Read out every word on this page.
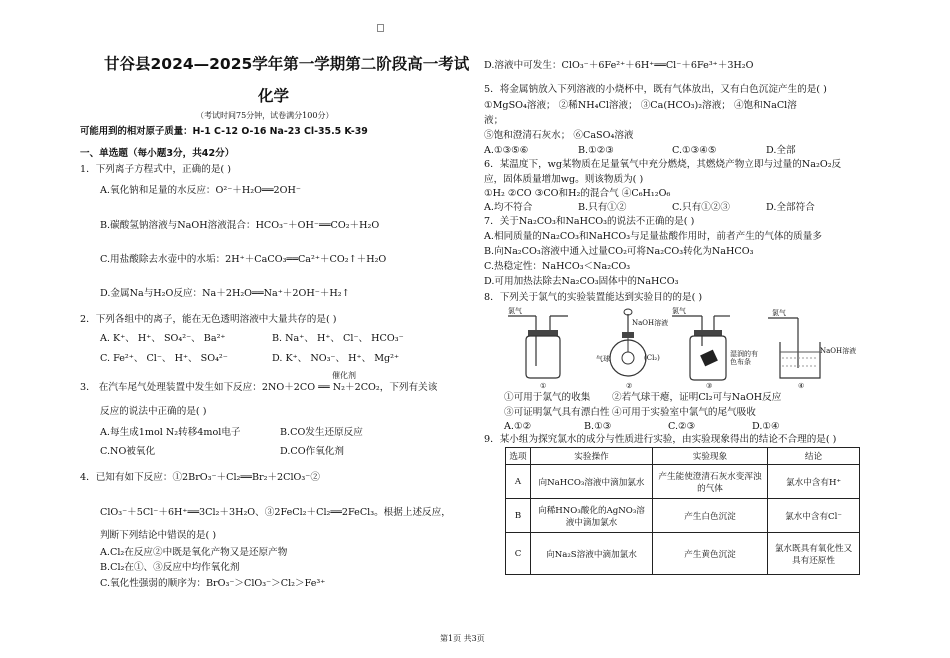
甘谷县2024—2025学年第一学期第二阶段高一考试
化学
（考试时间75分钟，试卷满分100分）
可能用到的相对原子质量：H-1 C-12 O-16 Na-23 Cl-35.5 K-39
一、单选题（每小题3分，共42分）
1．下列离子方程式中，正确的是( )
A.氧化钠和足量的水反应：O²⁻＋H₂O══2OH⁻
B.碳酸氢钠溶液与NaOH溶液混合：HCO₃⁻＋OH⁻══CO₂＋H₂O
C.用盐酸除去水壶中的水垢：2H⁺＋CaCO₃══Ca²⁺＋CO₂↑＋H₂O
D.金属Na与H₂O反应：Na＋2H₂O══Na⁺＋2OH⁻＋H₂↑
2．下列各组中的离子，能在无色透明溶液中大量共存的是( )
A. K⁺、 H⁺、 SO₄²⁻、 Ba²⁺	B. Na⁺、 H⁺、 Cl⁻、 HCO₃⁻
C. Fe²⁺、 Cl⁻、 H⁺、 SO₄²⁻	D. K⁺、 NO₃⁻、 H⁺、 Mg²⁺
催化剂
3． 在汽车尾气处理装置中发生如下反应：2NO＋2CO ══ N₂＋2CO₂，下列有关该
反应的说法中正确的是( )
A.每生成1mol N₂转移4mol电子	B.CO发生还原反应
C.NO被氧化	D.CO作氧化剂
4．已知有如下反应：①2BrO₃⁻＋Cl₂══Br₂＋2ClO₃⁻②
ClO₃⁻＋5Cl⁻＋6H⁺══3Cl₂＋3H₂O、③2FeCl₂＋Cl₂══2FeCl₃。根据上述反应，
判断下列结论中错误的是( )
A.Cl₂在反应②中既是氧化产物又是还原产物
B.Cl₂在①、③反应中均作氧化剂
C.氧化性强弱的顺序为：BrO₃⁻＞ClO₃⁻＞Cl₂＞Fe³⁺
D.溶液中可发生：ClO₃⁻＋6Fe²⁺＋6H⁺══Cl⁻＋6Fe³⁺＋3H₂O
5．将金属钠放入下列溶液的小烧杯中，既有气体放出，又有白色沉淀产生的是( )
①MgSO₄溶液； ②稀NH₄Cl溶液； ③Ca(HCO₃)₂溶液； ④饱和NaCl溶
液；
⑤饱和澄清石灰水； ⑥CaSO₄溶液
A.①③⑤⑥	B.①②③	C.①③④⑤	D.全部
6．某温度下，wg某物质在足量氧气中充分燃烧，其燃烧产物立即与过量的Na₂O₂反
应，固体质量增加wg。则该物质为( )
①H₂ ②CO ③CO和H₂的混合气 ④C₆H₁₂O₆
A.均不符合	B.只有①②	C.只有①②③	D.全部符合
7．关于Na₂CO₃和NaHCO₃的说法不正确的是( )
A.相同质量的Na₂CO₃和NaHCO₃与足量盐酸作用时，前者产生的气体的质量多
B.向Na₂CO₃溶液中通入过量CO₂可将Na₂CO₃转化为NaHCO₃
C.热稳定性：NaHCO₃＜Na₂CO₃
D.可用加热法除去Na₂CO₃固体中的NaHCO₃
8．下列关于氯气的实验装置能达到实验目的的是( )
氯气
①
NaOH溶液
气球	(Cl₂)
②
氯气
湿润的有色布条
③
氯气
NaOH溶液
④
①可用于氯气的收集 ②若气球干瘪，证明Cl₂可与NaOH反应
③可证明氯气具有漂白性 ④可用于实验室中氯气的尾气吸收
A.①②	B.①③	C.②③	D.①④
9．某小组为探究氯水的成分与性质进行实验，由实验现象得出的结论不合理的是( )
选项	实验操作	实验现象	结论
A	向NaHCO₃溶液中滴加氯水	产生能使澄清石灰水变浑浊的气体	氯水中含有H⁺
B	向稀HNO₃酸化的AgNO₃溶液中滴加氯水	产生白色沉淀	氯水中含有Cl⁻
C	向Na₂S溶液中滴加氯水	产生黄色沉淀	氯水既具有氧化性又具有还原性
第1页 共3页
